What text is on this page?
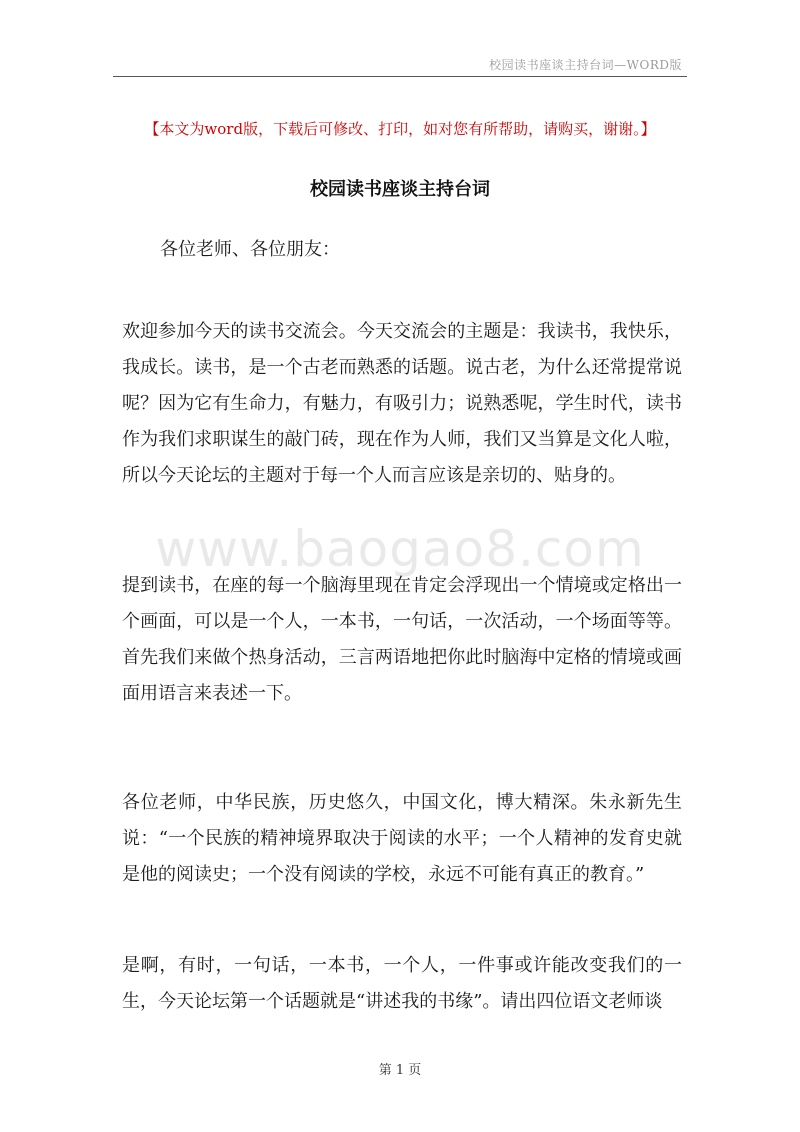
校园读书座谈主持台词—WORD版
【本文为word版，下载后可修改、打印，如对您有所帮助，请购买，谢谢。】
校园读书座谈主持台词

各位老师、各位朋友：

欢迎参加今天的读书交流会。今天交流会的主题是：我读书，我快乐，我成长。读书，是一个古老而熟悉的话题。说古老，为什么还常提常说呢？因为它有生命力，有魅力，有吸引力；说熟悉呢，学生时代，读书作为我们求职谋生的敲门砖，现在作为人师，我们又当算是文化人啦，所以今天论坛的主题对于每一个人而言应该是亲切的、贴身的。

www.baogao8.com

提到读书，在座的每一个脑海里现在肯定会浮现出一个情境或定格出一个画面，可以是一个人，一本书，一句话，一次活动，一个场面等等。首先我们来做个热身活动，三言两语地把你此时脑海中定格的情境或画面用语言来表述一下。

各位老师，中华民族，历史悠久，中国文化，博大精深。朱永新先生说：“一个民族的精神境界取决于阅读的水平；一个人精神的发育史就是他的阅读史；一个没有阅读的学校，永远不可能有真正的教育。”

是啊，有时，一句话，一本书，一个人，一件事或许能改变我们的一生，今天论坛第一个话题就是“讲述我的书缘”。请出四位语文老师谈

第 1 页
